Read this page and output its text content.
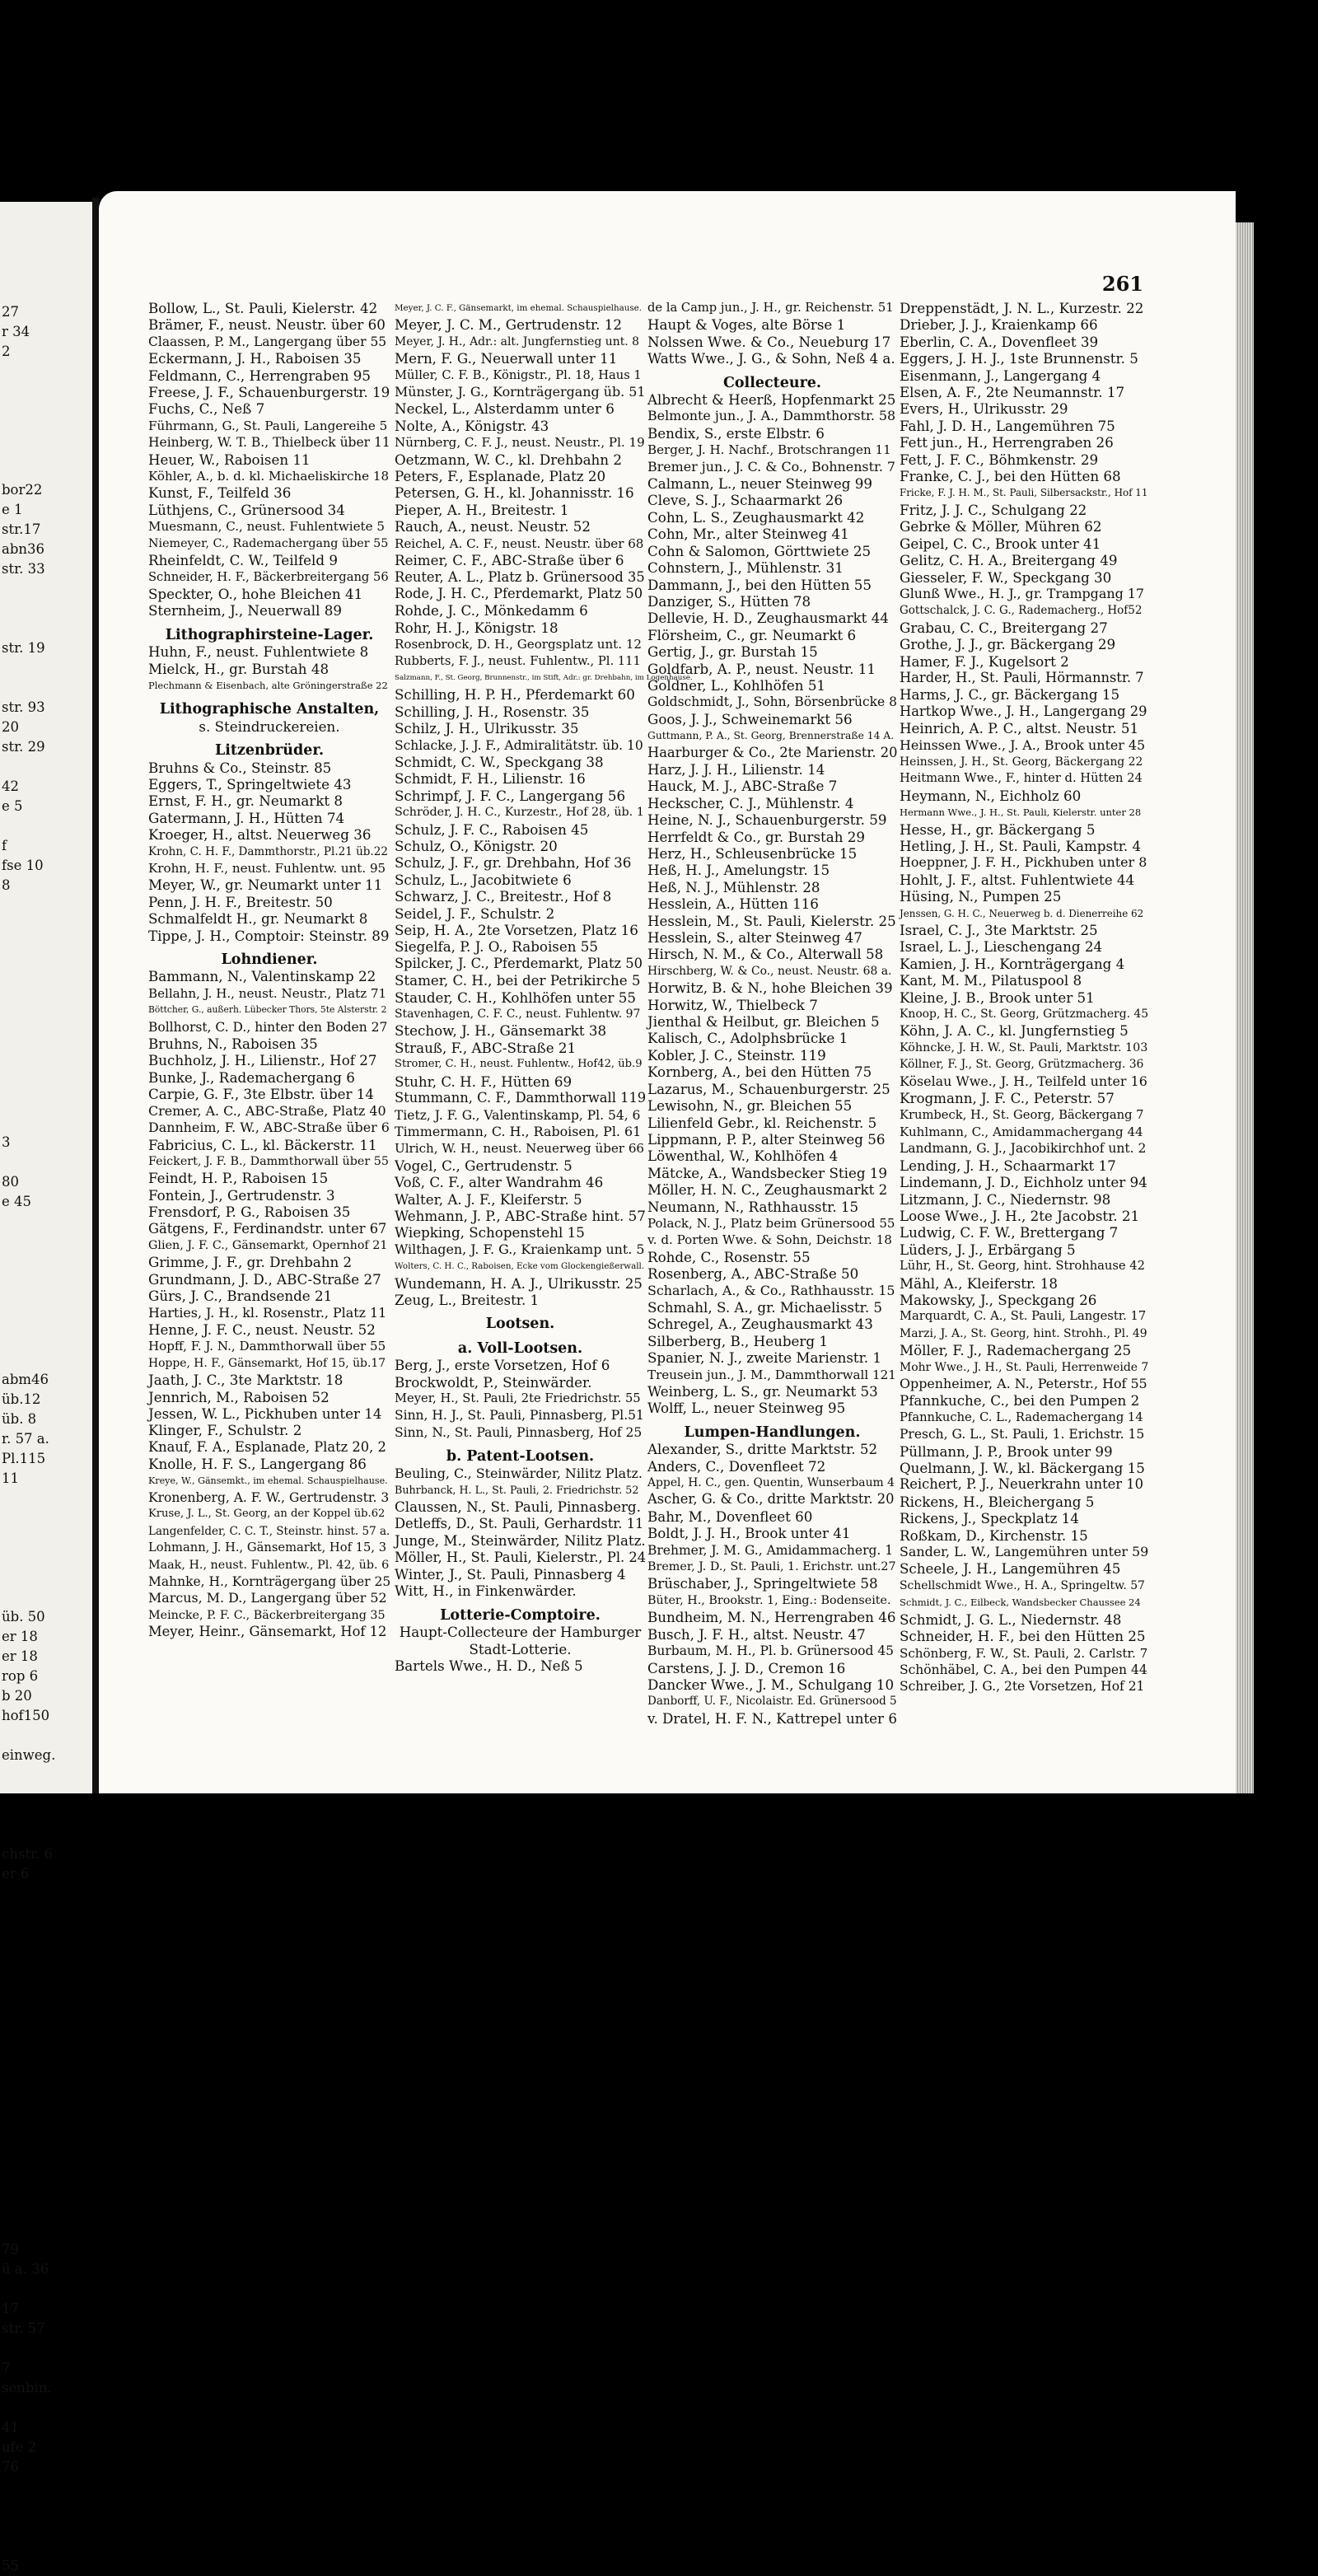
27
r 34
2
bor22
e 1
str.17
abn36
str. 33
str. 19
str. 93
20
str. 29
42
e 5
f
fse 10
8
3
80
e 45
abm46
üb.12
üb. 8
r. 57 a.
Pl.115
11
üb. 50
er 18
er 18
rop 6
b 20
hof150
einweg.
chstr. 6
er 6
79
ü a. 36
17
str. 57
7
senbin.
41
ufe 2
76
55
261
Bollow, L., St. Pauli, Kielerstr. 42
Brämer, F., neust. Neustr. über 60
Claassen, P. M., Langergang über 55
Eckermann, J. H., Raboisen 35
Feldmann, C., Herrengraben 95
Freese, J. F., Schauenburgerstr. 19
Fuchs, C., Neß 7
Führmann, G., St. Pauli, Langereihe 5
Heinberg, W. T. B., Thielbeck über 11
Heuer, W., Raboisen 11
Köhler, A., b. d. kl. Michaeliskirche 18
Kunst, F., Teilfeld 36
Lüthjens, C., Grünersood 34
Muesmann, C., neust. Fuhlentwiete 5
Niemeyer, C., Rademachergang über 55
Rheinfeldt, C. W., Teilfeld 9
Schneider, H. F., Bäckerbreitergang 56
Speckter, O., hohe Bleichen 41
Sternheim, J., Neuerwall 89
Lithographirsteine-Lager.
Huhn, F., neust. Fuhlentwiete 8
Mielck, H., gr. Burstah 48
Plechmann & Eisenbach, alte Gröningerstraße 22
Lithographische Anstalten,
s. Steindruckereien.
Litzenbrüder.
Bruhns & Co., Steinstr. 85
Eggers, T., Springeltwiete 43
Ernst, F. H., gr. Neumarkt 8
Gatermann, J. H., Hütten 74
Kroeger, H., altst. Neuerweg 36
Krohn, C. H. F., Dammthorstr., Pl.21 üb.22
Krohn, H. F., neust. Fuhlentw. unt. 95
Meyer, W., gr. Neumarkt unter 11
Penn, J. H. F., Breitestr. 50
Schmalfeldt H., gr. Neumarkt 8
Tippe, J. H., Comptoir: Steinstr. 89
Lohndiener.
Bammann, N., Valentinskamp 22
Bellahn, J. H., neust. Neustr., Platz 71
Böttcher, G., außerh. Lübecker Thors, 5te Alsterstr. 2
Bollhorst, C. D., hinter den Boden 27
Bruhns, N., Raboisen 35
Buchholz, J. H., Lilienstr., Hof 27
Bunke, J., Rademachergang 6
Carpie, G. F., 3te Elbstr. über 14
Cremer, A. C., ABC-Straße, Platz 40
Dannheim, F. W., ABC-Straße über 6
Fabricius, C. L., kl. Bäckerstr. 11
Feickert, J. F. B., Dammthorwall über 55
Feindt, H. P., Raboisen 15
Fontein, J., Gertrudenstr. 3
Frensdorf, P. G., Raboisen 35
Gätgens, F., Ferdinandstr. unter 67
Glien, J. F. C., Gänsemarkt, Opernhof 21
Grimme, J. F., gr. Drehbahn 2
Grundmann, J. D., ABC-Straße 27
Gürs, J. C., Brandsende 21
Harties, J. H., kl. Rosenstr., Platz 11
Henne, J. F. C., neust. Neustr. 52
Hopff, F. J. N., Dammthorwall über 55
Hoppe, H. F., Gänsemarkt, Hof 15, üb.17
Jaath, J. C., 3te Marktstr. 18
Jennrich, M., Raboisen 52
Jessen, W. L., Pickhuben unter 14
Klinger, F., Schulstr. 2
Knauf, F. A., Esplanade, Platz 20, 2
Knolle, H. F. S., Langergang 86
Kreye, W., Gänsemkt., im ehemal. Schauspielhause.
Kronenberg, A. F. W., Gertrudenstr. 3
Kruse, J. L., St. Georg, an der Koppel üb.62
Langenfelder, C. C. T., Steinstr. hinst. 57 a.
Lohmann, J. H., Gänsemarkt, Hof 15, 3
Maak, H., neust. Fuhlentw., Pl. 42, üb. 6
Mahnke, H., Kornträgergang über 25
Marcus, M. D., Langergang über 52
Meincke, P. F. C., Bäckerbreitergang 35
Meyer, Heinr., Gänsemarkt, Hof 12
Meyer, J. C. F., Gänsemarkt, im ehemal. Schauspielhause.
Meyer, J. C. M., Gertrudenstr. 12
Meyer, J. H., Adr.: alt. Jungfernstieg unt. 8
Mern, F. G., Neuerwall unter 11
Müller, C. F. B., Königstr., Pl. 18, Haus 1
Münster, J. G., Kornträgergang üb. 51
Neckel, L., Alsterdamm unter 6
Nolte, A., Königstr. 43
Nürnberg, C. F. J., neust. Neustr., Pl. 19
Oetzmann, W. C., kl. Drehbahn 2
Peters, F., Esplanade, Platz 20
Petersen, G. H., kl. Johannisstr. 16
Pieper, A. H., Breitestr. 1
Rauch, A., neust. Neustr. 52
Reichel, A. C. F., neust. Neustr. über 68
Reimer, C. F., ABC-Straße über 6
Reuter, A. L., Platz b. Grünersood 35
Rode, J. H. C., Pferdemarkt, Platz 50
Rohde, J. C., Mönkedamm 6
Rohr, H. J., Königstr. 18
Rosenbrock, D. H., Georgsplatz unt. 12
Rubberts, F. J., neust. Fuhlentw., Pl. 111
Salzmann, F., St. Georg, Brunnenstr., im Stift, Adr.: gr. Drehbahn, im Logenhause.
Schilling, H. P. H., Pferdemarkt 60
Schilling, J. H., Rosenstr. 35
Schilz, J. H., Ulrikusstr. 35
Schlacke, J. J. F., Admiralitätstr. üb. 10
Schmidt, C. W., Speckgang 38
Schmidt, F. H., Lilienstr. 16
Schrimpf, J. F. C., Langergang 56
Schröder, J. H. C., Kurzestr., Hof 28, üb. 1
Schulz, J. F. C., Raboisen 45
Schulz, O., Königstr. 20
Schulz, J. F., gr. Drehbahn, Hof 36
Schulz, L., Jacobitwiete 6
Schwarz, J. C., Breitestr., Hof 8
Seidel, J. F., Schulstr. 2
Seip, H. A., 2te Vorsetzen, Platz 16
Siegelfa, P. J. O., Raboisen 55
Spilcker, J. C., Pferdemarkt, Platz 50
Stamer, C. H., bei der Petrikirche 5
Stauder, C. H., Kohlhöfen unter 55
Stavenhagen, C. F. C., neust. Fuhlentw. 97
Stechow, J. H., Gänsemarkt 38
Strauß, F., ABC-Straße 21
Stromer, C. H., neust. Fuhlentw., Hof42, üb.9
Stuhr, C. H. F., Hütten 69
Stummann, C. F., Dammthorwall 119
Tietz, J. F. G., Valentinskamp, Pl. 54, 6
Timmermann, C. H., Raboisen, Pl. 61
Ulrich, W. H., neust. Neuerweg über 66
Vogel, C., Gertrudenstr. 5
Voß, C. F., alter Wandrahm 46
Walter, A. J. F., Kleiferstr. 5
Wehmann, J. P., ABC-Straße hint. 57
Wiepking, Schopenstehl 15
Wilthagen, J. F. G., Kraienkamp unt. 5
Wolters, C. H. C., Raboisen, Ecke vom Glockengießerwall.
Wundemann, H. A. J., Ulrikusstr. 25
Zeug, L., Breitestr. 1
Lootsen.
a. Voll-Lootsen.
Berg, J., erste Vorsetzen, Hof 6
Brockwoldt, P., Steinwärder.
Meyer, H., St. Pauli, 2te Friedrichstr. 55
Sinn, H. J., St. Pauli, Pinnasberg, Pl.51
Sinn, N., St. Pauli, Pinnasberg, Hof 25
b. Patent-Lootsen.
Beuling, C., Steinwärder, Nilitz Platz.
Buhrbanck, H. L., St. Pauli, 2. Friedrichstr. 52
Claussen, N., St. Pauli, Pinnasberg.
Detleffs, D., St. Pauli, Gerhardstr. 11
Junge, M., Steinwärder, Nilitz Platz.
Möller, H., St. Pauli, Kielerstr., Pl. 24
Winter, J., St. Pauli, Pinnasberg 4
Witt, H., in Finkenwärder.
Lotterie-Comptoire.
Haupt-Collecteure der Hamburger
Stadt-Lotterie.
Bartels Wwe., H. D., Neß 5
de la Camp jun., J. H., gr. Reichenstr. 51
Haupt & Voges, alte Börse 1
Nolssen Wwe. & Co., Neueburg 17
Watts Wwe., J. G., & Sohn, Neß 4 a.
Collecteure.
Albrecht & Heerß, Hopfenmarkt 25
Belmonte jun., J. A., Dammthorstr. 58
Bendix, S., erste Elbstr. 6
Berger, J. H. Nachf., Brotschrangen 11
Bremer jun., J. C. & Co., Bohnenstr. 7
Calmann, L., neuer Steinweg 99
Cleve, S. J., Schaarmarkt 26
Cohn, L. S., Zeughausmarkt 42
Cohn, Mr., alter Steinweg 41
Cohn & Salomon, Görttwiete 25
Cohnstern, J., Mühlenstr. 31
Dammann, J., bei den Hütten 55
Danziger, S., Hütten 78
Dellevie, H. D., Zeughausmarkt 44
Flörsheim, C., gr. Neumarkt 6
Gertig, J., gr. Burstah 15
Goldfarb, A. P., neust. Neustr. 11
Goldner, L., Kohlhöfen 51
Goldschmidt, J., Sohn, Börsenbrücke 8
Goos, J. J., Schweinemarkt 56
Guttmann, P. A., St. Georg, Brennerstraße 14 A.
Haarburger & Co., 2te Marienstr. 20
Harz, J. J. H., Lilienstr. 14
Hauck, M. J., ABC-Straße 7
Heckscher, C. J., Mühlenstr. 4
Heine, N. J., Schauenburgerstr. 59
Herrfeldt & Co., gr. Burstah 29
Herz, H., Schleusenbrücke 15
Heß, H. J., Amelungstr. 15
Heß, N. J., Mühlenstr. 28
Hesslein, A., Hütten 116
Hesslein, M., St. Pauli, Kielerstr. 25
Hesslein, S., alter Steinweg 47
Hirsch, N. M., & Co., Alterwall 58
Hirschberg, W. & Co., neust. Neustr. 68 a.
Horwitz, B. & N., hohe Bleichen 39
Horwitz, W., Thielbeck 7
Jienthal & Heilbut, gr. Bleichen 5
Kalisch, C., Adolphsbrücke 1
Kobler, J. C., Steinstr. 119
Kornberg, A., bei den Hütten 75
Lazarus, M., Schauenburgerstr. 25
Lewisohn, N., gr. Bleichen 55
Lilienfeld Gebr., kl. Reichenstr. 5
Lippmann, P. P., alter Steinweg 56
Löwenthal, W., Kohlhöfen 4
Mätcke, A., Wandsbecker Stieg 19
Möller, H. N. C., Zeughausmarkt 2
Neumann, N., Rathhausstr. 15
Polack, N. J., Platz beim Grünersood 55
v. d. Porten Wwe. & Sohn, Deichstr. 18
Rohde, C., Rosenstr. 55
Rosenberg, A., ABC-Straße 50
Scharlach, A., & Co., Rathhausstr. 15
Schmahl, S. A., gr. Michaelisstr. 5
Schregel, A., Zeughausmarkt 43
Silberberg, B., Heuberg 1
Spanier, N. J., zweite Marienstr. 1
Treusein jun., J. M., Dammthorwall 121
Weinberg, L. S., gr. Neumarkt 53
Wolff, L., neuer Steinweg 95
Lumpen-Handlungen.
Alexander, S., dritte Marktstr. 52
Anders, C., Dovenfleet 72
Appel, H. C., gen. Quentin, Wunserbaum 4
Ascher, G. & Co., dritte Marktstr. 20
Bahr, M., Dovenfleet 60
Boldt, J. J. H., Brook unter 41
Brehmer, J. M. G., Amidammacherg. 1
Bremer, J. D., St. Pauli, 1. Erichstr. unt.27
Brüschaber, J., Springeltwiete 58
Büter, H., Brookstr. 1, Eing.: Bodenseite.
Bundheim, M. N., Herrengraben 46
Busch, J. F. H., altst. Neustr. 47
Burbaum, M. H., Pl. b. Grünersood 45
Carstens, J. J. D., Cremon 16
Dancker Wwe., J. M., Schulgang 10
Danborff, U. F., Nicolaistr. Ed. Grünersood 5
v. Dratel, H. F. N., Kattrepel unter 6
Dreppenstädt, J. N. L., Kurzestr. 22
Drieber, J. J., Kraienkamp 66
Eberlin, C. A., Dovenfleet 39
Eggers, J. H. J., 1ste Brunnenstr. 5
Eisenmann, J., Langergang 4
Elsen, A. F., 2te Neumannstr. 17
Evers, H., Ulrikusstr. 29
Fahl, J. D. H., Langemühren 75
Fett jun., H., Herrengraben 26
Fett, J. F. C., Böhmkenstr. 29
Franke, C. J., bei den Hütten 68
Fricke, F. J. H. M., St. Pauli, Silbersackstr., Hof 11
Fritz, J. J. C., Schulgang 22
Gebrke & Möller, Mühren 62
Geipel, C. C., Brook unter 41
Gelitz, C. H. A., Breitergang 49
Giesseler, F. W., Speckgang 30
Glunß Wwe., H. J., gr. Trampgang 17
Gottschalck, J. C. G., Rademacherg., Hof52
Grabau, C. C., Breitergang 27
Grothe, J. J., gr. Bäckergang 29
Hamer, F. J., Kugelsort 2
Harder, H., St. Pauli, Hörmannstr. 7
Harms, J. C., gr. Bäckergang 15
Hartkop Wwe., J. H., Langergang 29
Heinrich, A. P. C., altst. Neustr. 51
Heinssen Wwe., J. A., Brook unter 45
Heinssen, J. H., St. Georg, Bäckergang 22
Heitmann Wwe., F., hinter d. Hütten 24
Heymann, N., Eichholz 60
Hermann Wwe., J. H., St. Pauli, Kielerstr. unter 28
Hesse, H., gr. Bäckergang 5
Hetling, J. H., St. Pauli, Kampstr. 4
Hoeppner, J. F. H., Pickhuben unter 8
Hohlt, J. F., altst. Fuhlentwiete 44
Hüsing, N., Pumpen 25
Jenssen, G. H. C., Neuerweg b. d. Dienerreihe 62
Israel, C. J., 3te Marktstr. 25
Israel, L. J., Lieschengang 24
Kamien, J. H., Kornträgergang 4
Kant, M. M., Pilatuspool 8
Kleine, J. B., Brook unter 51
Knoop, H. C., St. Georg, Grützmacherg. 45
Köhn, J. A. C., kl. Jungfernstieg 5
Köhncke, J. H. W., St. Pauli, Marktstr. 103
Köllner, F. J., St. Georg, Grützmacherg. 36
Köselau Wwe., J. H., Teilfeld unter 16
Krogmann, J. F. C., Peterstr. 57
Krumbeck, H., St. Georg, Bäckergang 7
Kuhlmann, C., Amidammachergang 44
Landmann, G. J., Jacobikirchhof unt. 2
Lending, J. H., Schaarmarkt 17
Lindemann, J. D., Eichholz unter 94
Litzmann, J. C., Niedernstr. 98
Loose Wwe., J. H., 2te Jacobstr. 21
Ludwig, C. F. W., Brettergang 7
Lüders, J. J., Erbärgang 5
Lühr, H., St. Georg, hint. Strohhause 42
Mähl, A., Kleiferstr. 18
Makowsky, J., Speckgang 26
Marquardt, C. A., St. Pauli, Langestr. 17
Marzi, J. A., St. Georg, hint. Strohh., Pl. 49
Möller, F. J., Rademachergang 25
Mohr Wwe., J. H., St. Pauli, Herrenweide 7
Oppenheimer, A. N., Peterstr., Hof 55
Pfannkuche, C., bei den Pumpen 2
Pfannkuche, C. L., Rademachergang 14
Presch, G. L., St. Pauli, 1. Erichstr. 15
Püllmann, J. P., Brook unter 99
Quelmann, J. W., kl. Bäckergang 15
Reichert, P. J., Neuerkrahn unter 10
Rickens, H., Bleichergang 5
Rickens, J., Speckplatz 14
Roßkam, D., Kirchenstr. 15
Sander, L. W., Langemühren unter 59
Scheele, J. H., Langemühren 45
Schellschmidt Wwe., H. A., Springeltw. 57
Schmidt, J. C., Eilbeck, Wandsbecker Chaussee 24
Schmidt, J. G. L., Niedernstr. 48
Schneider, H. F., bei den Hütten 25
Schönberg, F. W., St. Pauli, 2. Carlstr. 7
Schönhäbel, C. A., bei den Pumpen 44
Schreiber, J. G., 2te Vorsetzen, Hof 21
